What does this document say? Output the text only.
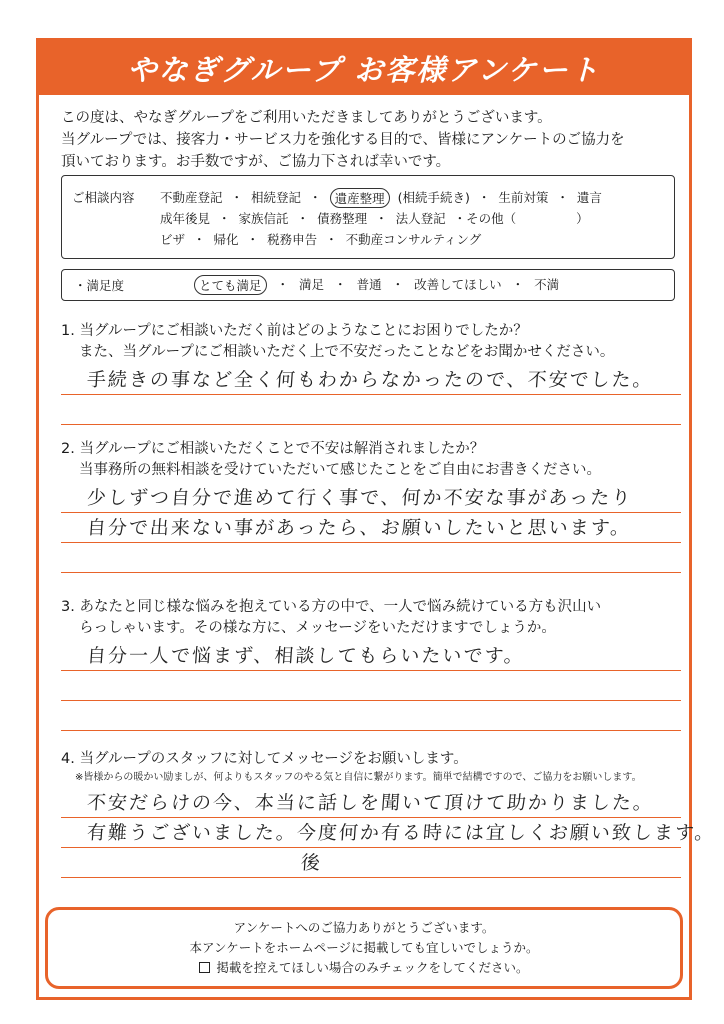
やなぎグループ お客様アンケート

この度は、やなぎグループをご利用いただきましてありがとうございます。

当グループでは、接客力・サービス力を強化する目的で、皆様にアンケートのご協力を

頂いております。お手数ですが、ご協力下されば幸いです。

ご相談内容 不動産登記 ・ 相続登記 ・	遺産整理	(相続手続き) ・ 生前対策 ・ 遺言
成年後見 ・ 家族信託 ・ 債務整理 ・ 法人登記 ・その他（	）
ビザ ・ 帰化 ・ 税務申告 ・ 不動産コンサルティング
・満足度	とても満足	・ 満足 ・ 普通 ・ 改善してほしい ・ 不満

1. 当グループにご相談いただく前はどのようなことにお困りでしたか？

また、当グループにご相談いただく上で不安だったことなどをお聞かせください。

手続きの事など全く何もわからなかったので、不安でした。

2. 当グループにご相談いただくことで不安は解消されましたか？

当事務所の無料相談を受けていただいて感じたことをご自由にお書きください。

少しずつ自分で進めて行く事で、何か不安な事があったり
自分で出来ない事があったら、お願いしたいと思います。

3. あなたと同じ様な悩みを抱えている方の中で、一人で悩み続けている方も沢山い

らっしゃいます。その様な方に、メッセージをいただけますでしょうか。

自分一人で悩まず、相談してもらいたいです。

4. 当グループのスタッフに対してメッセージをお願いします。

※皆様からの暖かい励ましが、何よりもスタッフのやる気と自信に繋がります。簡単で結構ですので、ご協力をお願いします。

不安だらけの今、本当に話しを聞いて頂けて助かりました。
有難うございました。今度何か有る時には宜しくお願い致します。
後

アンケートへのご協力ありがとうございます。

本アンケートをホームページに掲載しても宜しいでしょうか。

掲載を控えてほしい場合のみチェックをしてください。
